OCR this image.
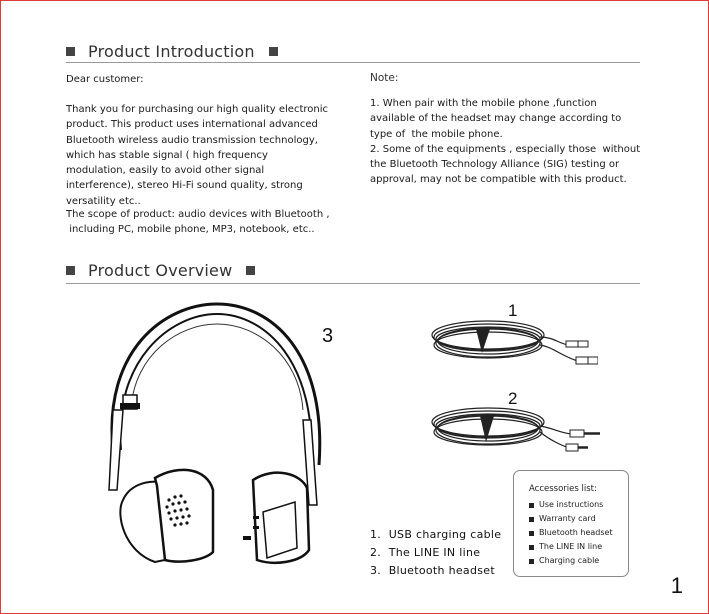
Product Introduction
Dear customer:
Thank you for purchasing our high quality electronic product. This product uses international advanced Bluetooth wireless audio transmission technology, which has stable signal ( high frequency modulation, easily to avoid other signal interference), stereo Hi-Fi sound quality, strong versatility etc..
The scope of product: audio devices with Bluetooth ,
including PC, mobile phone, MP3, notebook, etc..
Note:
1. When pair with the mobile phone ,function available of the headset may change according to type of  the mobile phone.
2. Some of the equipments , especially those  without the Bluetooth Technology Alliance (SIG) testing or approval, may not be compatible with this product.
Product Overview
1
2
3
1.  USB charging cable
2.  The LINE IN line
3.  Bluetooth headset
Accessories list:
Use instructions
Warranty card
Bluetooth headset
The LINE IN line
Charging cable
1
